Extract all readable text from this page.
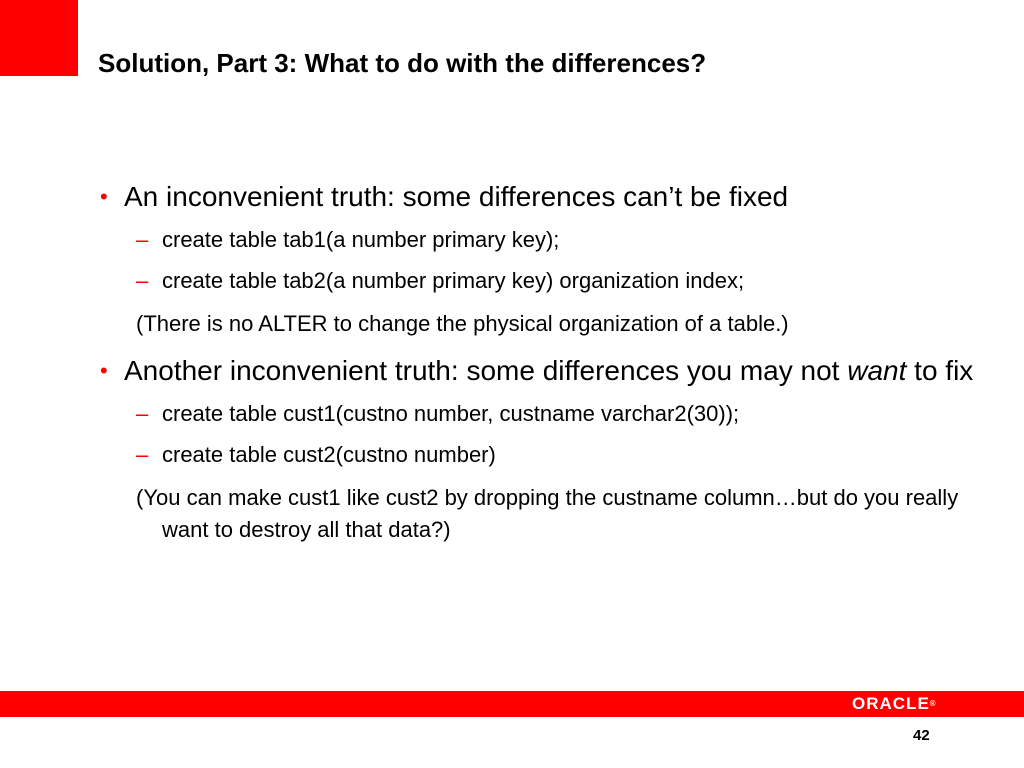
Solution, Part 3: What to do with the differences?
• An inconvenient truth: some differences can’t be fixed
– create table tab1(a number primary key);
– create table tab2(a number primary key) organization index;
(There is no ALTER to change the physical organization of a table.)
• Another inconvenient truth: some differences you may not want to fix
– create table cust1(custno number, custname varchar2(30));
– create table cust2(custno number)
(You can make cust1 like cust2 by dropping the custname column…but do you really want to destroy all that data?)
ORACLE®
42
